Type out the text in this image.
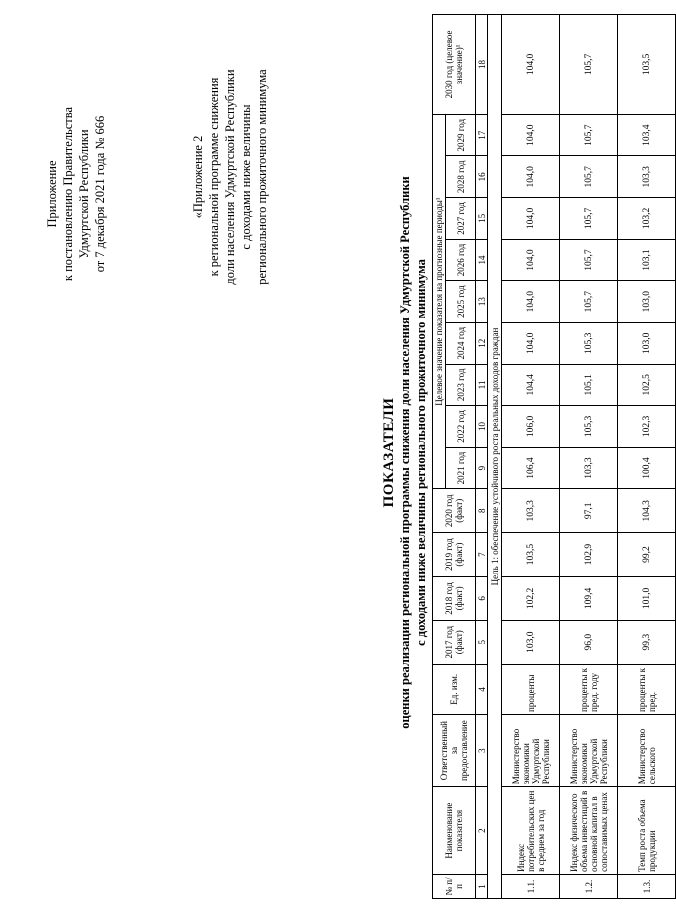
Приложение к постановлению Правительства Удмуртской Республики от 7 декабря 2021 года № 666	«Приложение 2 к региональной программе снижения доли населения Удмуртской Республики с доходами ниже величины регионального прожиточного минимума
ПОКАЗАТЕЛИ оценки реализации региональной программы снижения доли населения Удмуртской Республики с доходами ниже величины регионального прожиточного минимума
№ п/п	Наименование показателя	Ответственный за предоставление	Ед. изм.	2017 год (факт)	2018 год (факт)	2019 год (факт)	2020 год (факт)	Целевое значение показателя на прогнозные периоды¹									2030 год (целевое значение)¹
								2021 год	2022 год	2023 год	2024 год	2025 год	2026 год	2027 год	2028 год	2029 год	
1	2	3	4	5	6	7	8	9	10	11	12	13	14	15	16	17	18
Цель 1: обеспечение устойчивого роста реальных доходов граждан																	
1.1.	Индекс потребительских цен в среднем за год	Министерство экономики Удмуртской Республики	проценты	103,0	102,2	103,5	103,3	106,4	106,0	104,4	104,0	104,0	104,0	104,0	104,0	104,0	104,0
1.2.	Индекс физического объема инвестиций в основной капитал в сопоставимых ценах	Министерство экономики Удмуртской Республики	проценты к пред. году	96,0	109,4	102,9	97,1	103,3	105,3	105,1	105,3	105,7	105,7	105,7	105,7	105,7	105,7
1.3.	Темп роста объема продукции	Министерство сельского	проценты к пред.	99,3	101,0	99,2	104,3	100,4	102,3	102,5	103,0	103,0	103,1	103,2	103,3	103,4	103,5
